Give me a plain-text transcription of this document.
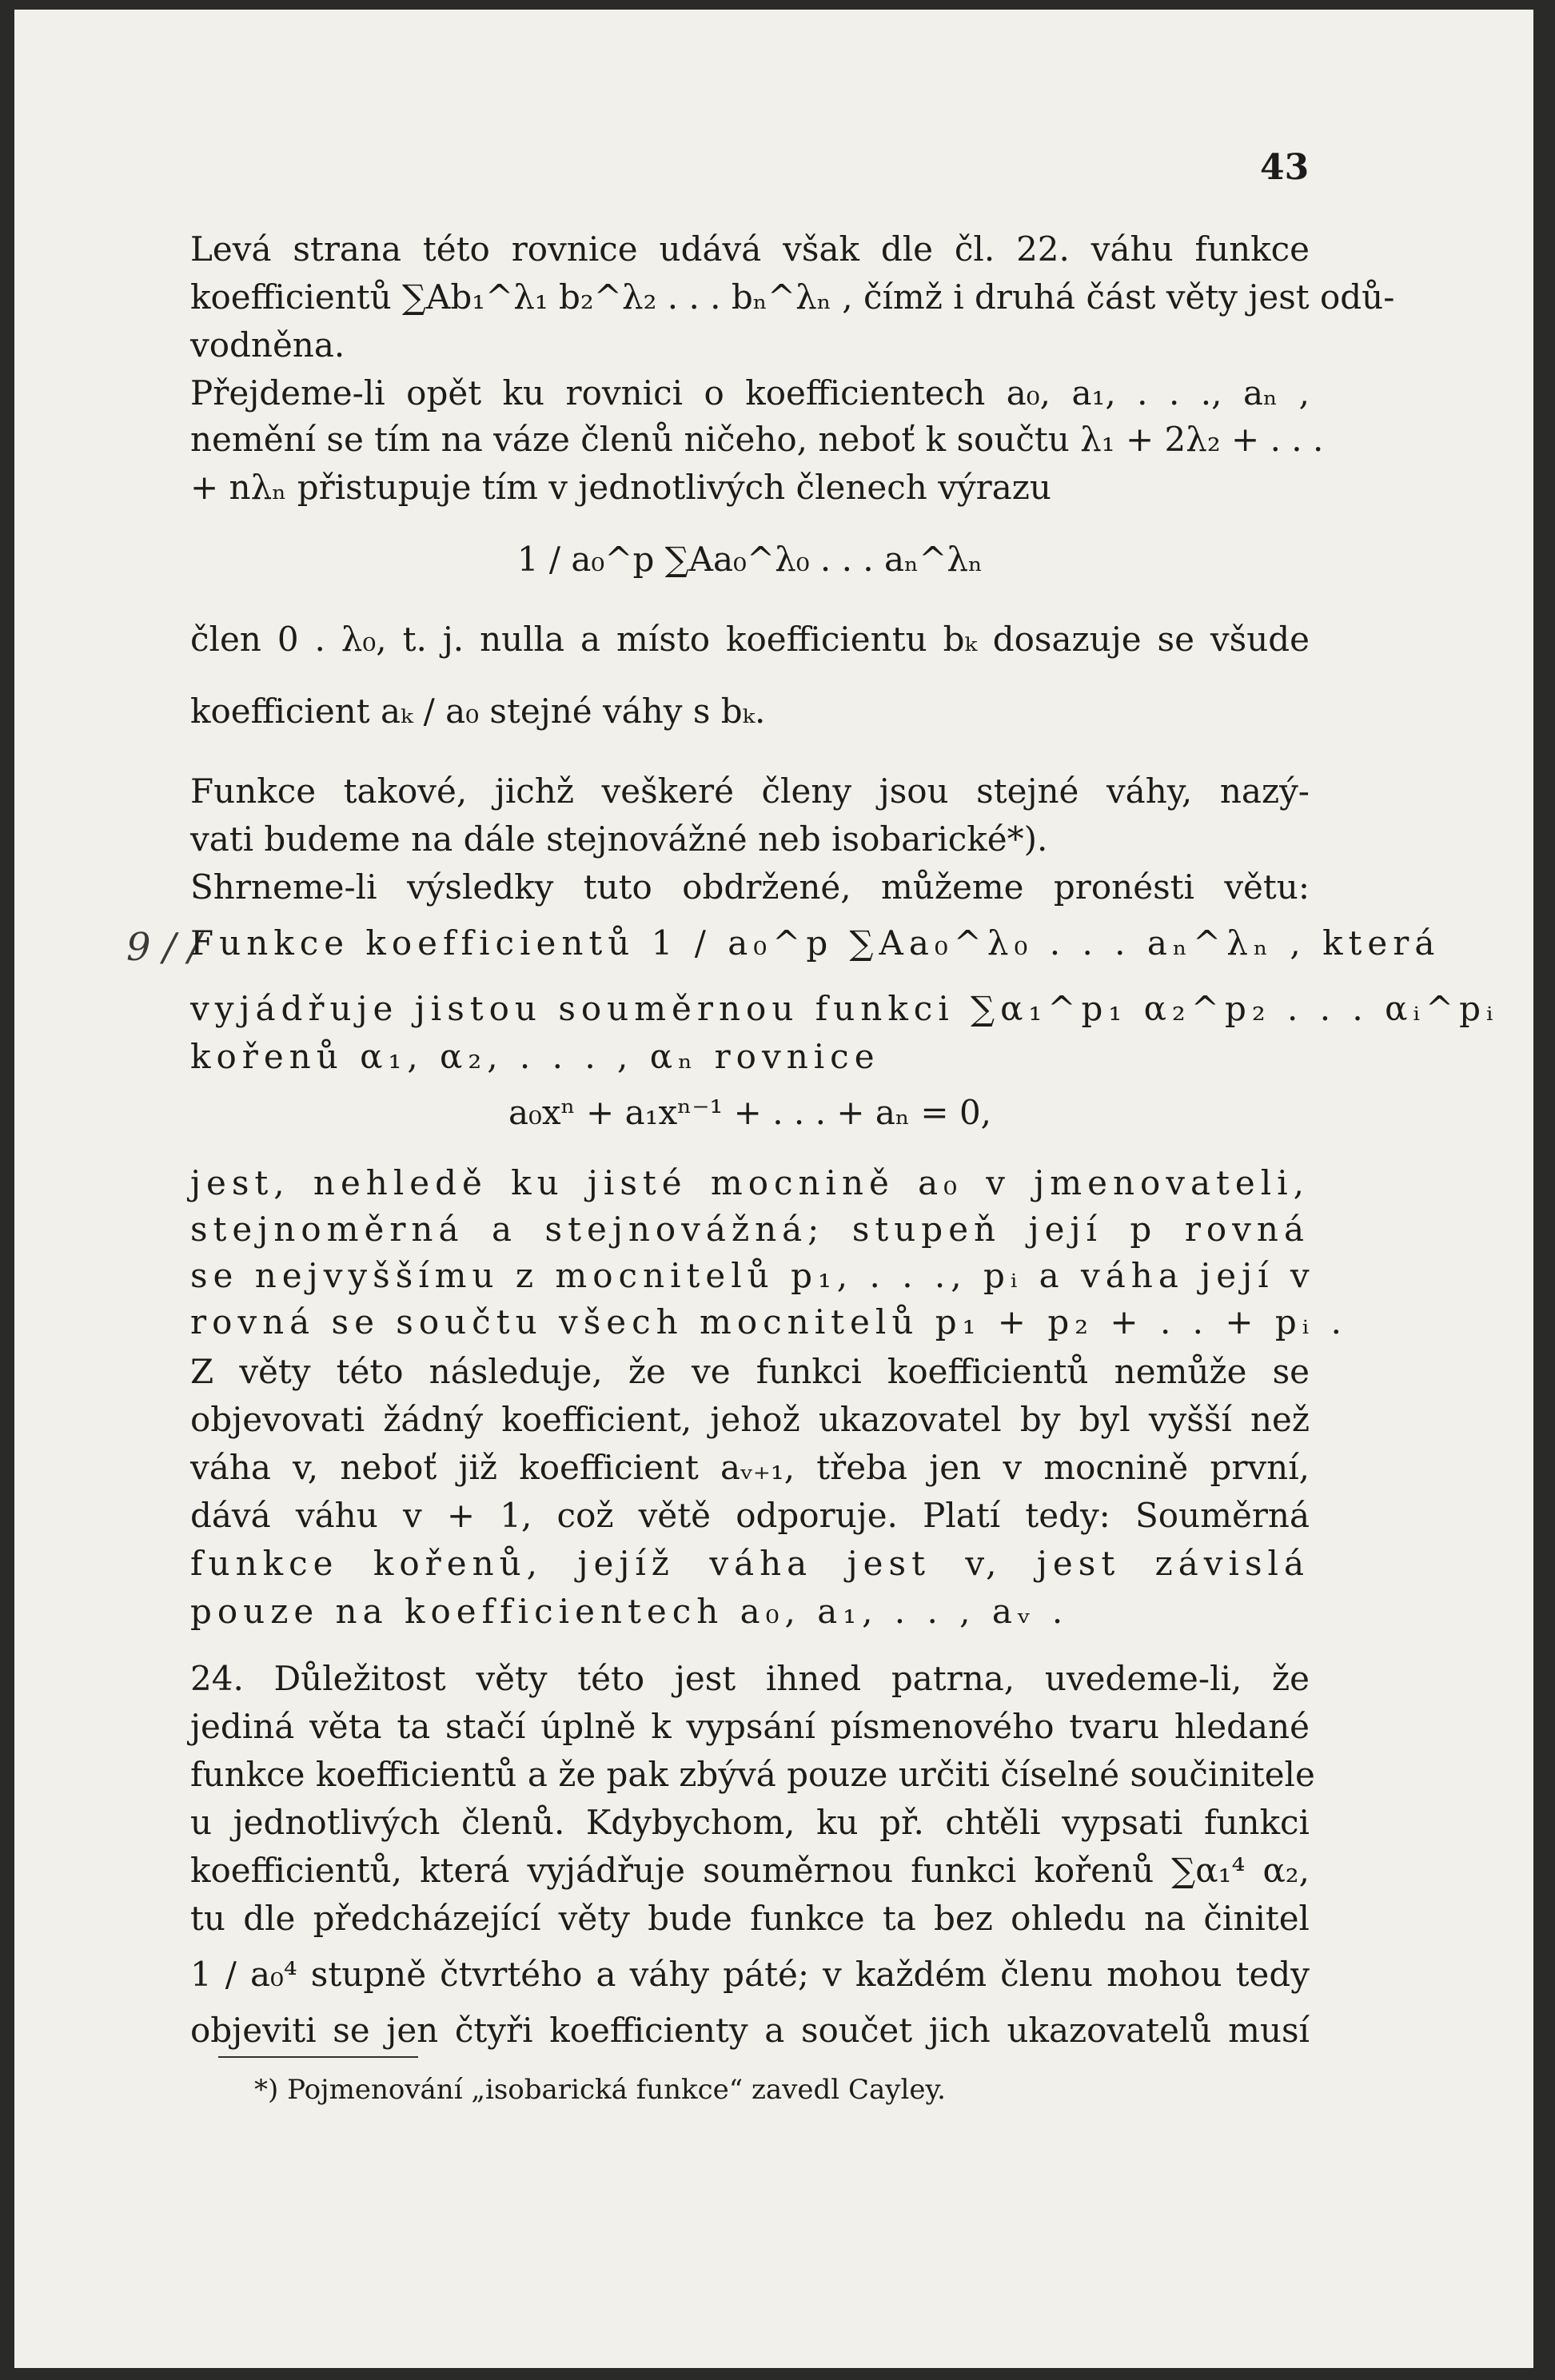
43
9 / /
Levá strana této rovnice udává však dle čl. 22. váhu funkce
koefficientů ∑Ab₁^λ₁ b₂^λ₂ . . . bₙ^λₙ , čímž i druhá část věty jest odů-
vodněna.
Přejdeme-li opět ku rovnici o koefficientech a₀, a₁, . . ., aₙ ,
nemění se tím na váze členů ničeho, neboť k součtu λ₁ + 2λ₂ + . . .
+ nλₙ přistupuje tím v jednotlivých členech výrazu
1 / a₀^p ∑Aa₀^λ₀ . . . aₙ^λₙ
člen 0 . λ₀, t. j. nulla a místo koefficientu bₖ dosazuje se všude
koefficient aₖ / a₀ stejné váhy s bₖ.
Funkce takové, jichž veškeré členy jsou stejné váhy, nazý-
vati budeme na dále stejnovážné neb isobarické*).
Shrneme-li výsledky tuto obdržené, můžeme pronésti větu:
Funkce koefficientů 1 / a₀^p ∑Aa₀^λ₀ . . . aₙ^λₙ , která
vyjádřuje jistou souměrnou funkci ∑α₁^p₁ α₂^p₂ . . . αᵢ^pᵢ
kořenů α₁, α₂, . . . , αₙ rovnice
a₀xⁿ + a₁xⁿ⁻¹ + . . . + aₙ = 0,
jest, nehledě ku jisté mocnině a₀ v jmenovateli,
stejnoměrná a stejnovážná; stupeň její p rovná
se nejvyššímu z mocnitelů p₁, . . ., pᵢ a váha její v
rovná se součtu všech mocnitelů p₁ + p₂ + . . + pᵢ .
Z věty této následuje, že ve funkci koefficientů nemůže se
objevovati žádný koefficient, jehož ukazovatel by byl vyšší než
váha v, neboť již koefficient aᵥ₊₁, třeba jen v mocnině první,
dává váhu v + 1, což větě odporuje. Platí tedy: Souměrná
funkce kořenů, jejíž váha jest v, jest závislá
pouze na koefficientech a₀, a₁, . . , aᵥ .
24. Důležitost věty této jest ihned patrna, uvedeme-li, že
jediná věta ta stačí úplně k vypsání písmenového tvaru hledané
funkce koefficientů a že pak zbývá pouze určiti číselné součinitele
u jednotlivých členů. Kdybychom, ku př. chtěli vypsati funkci
koefficientů, která vyjádřuje souměrnou funkci kořenů ∑α₁⁴ α₂,
tu dle předcházející věty bude funkce ta bez ohledu na činitel
1 / a₀⁴ stupně čtvrtého a váhy páté; v každém členu mohou tedy
objeviti se jen čtyři koefficienty a součet jich ukazovatelů musí
*) Pojmenování „isobarická funkce“ zavedl Cayley.
